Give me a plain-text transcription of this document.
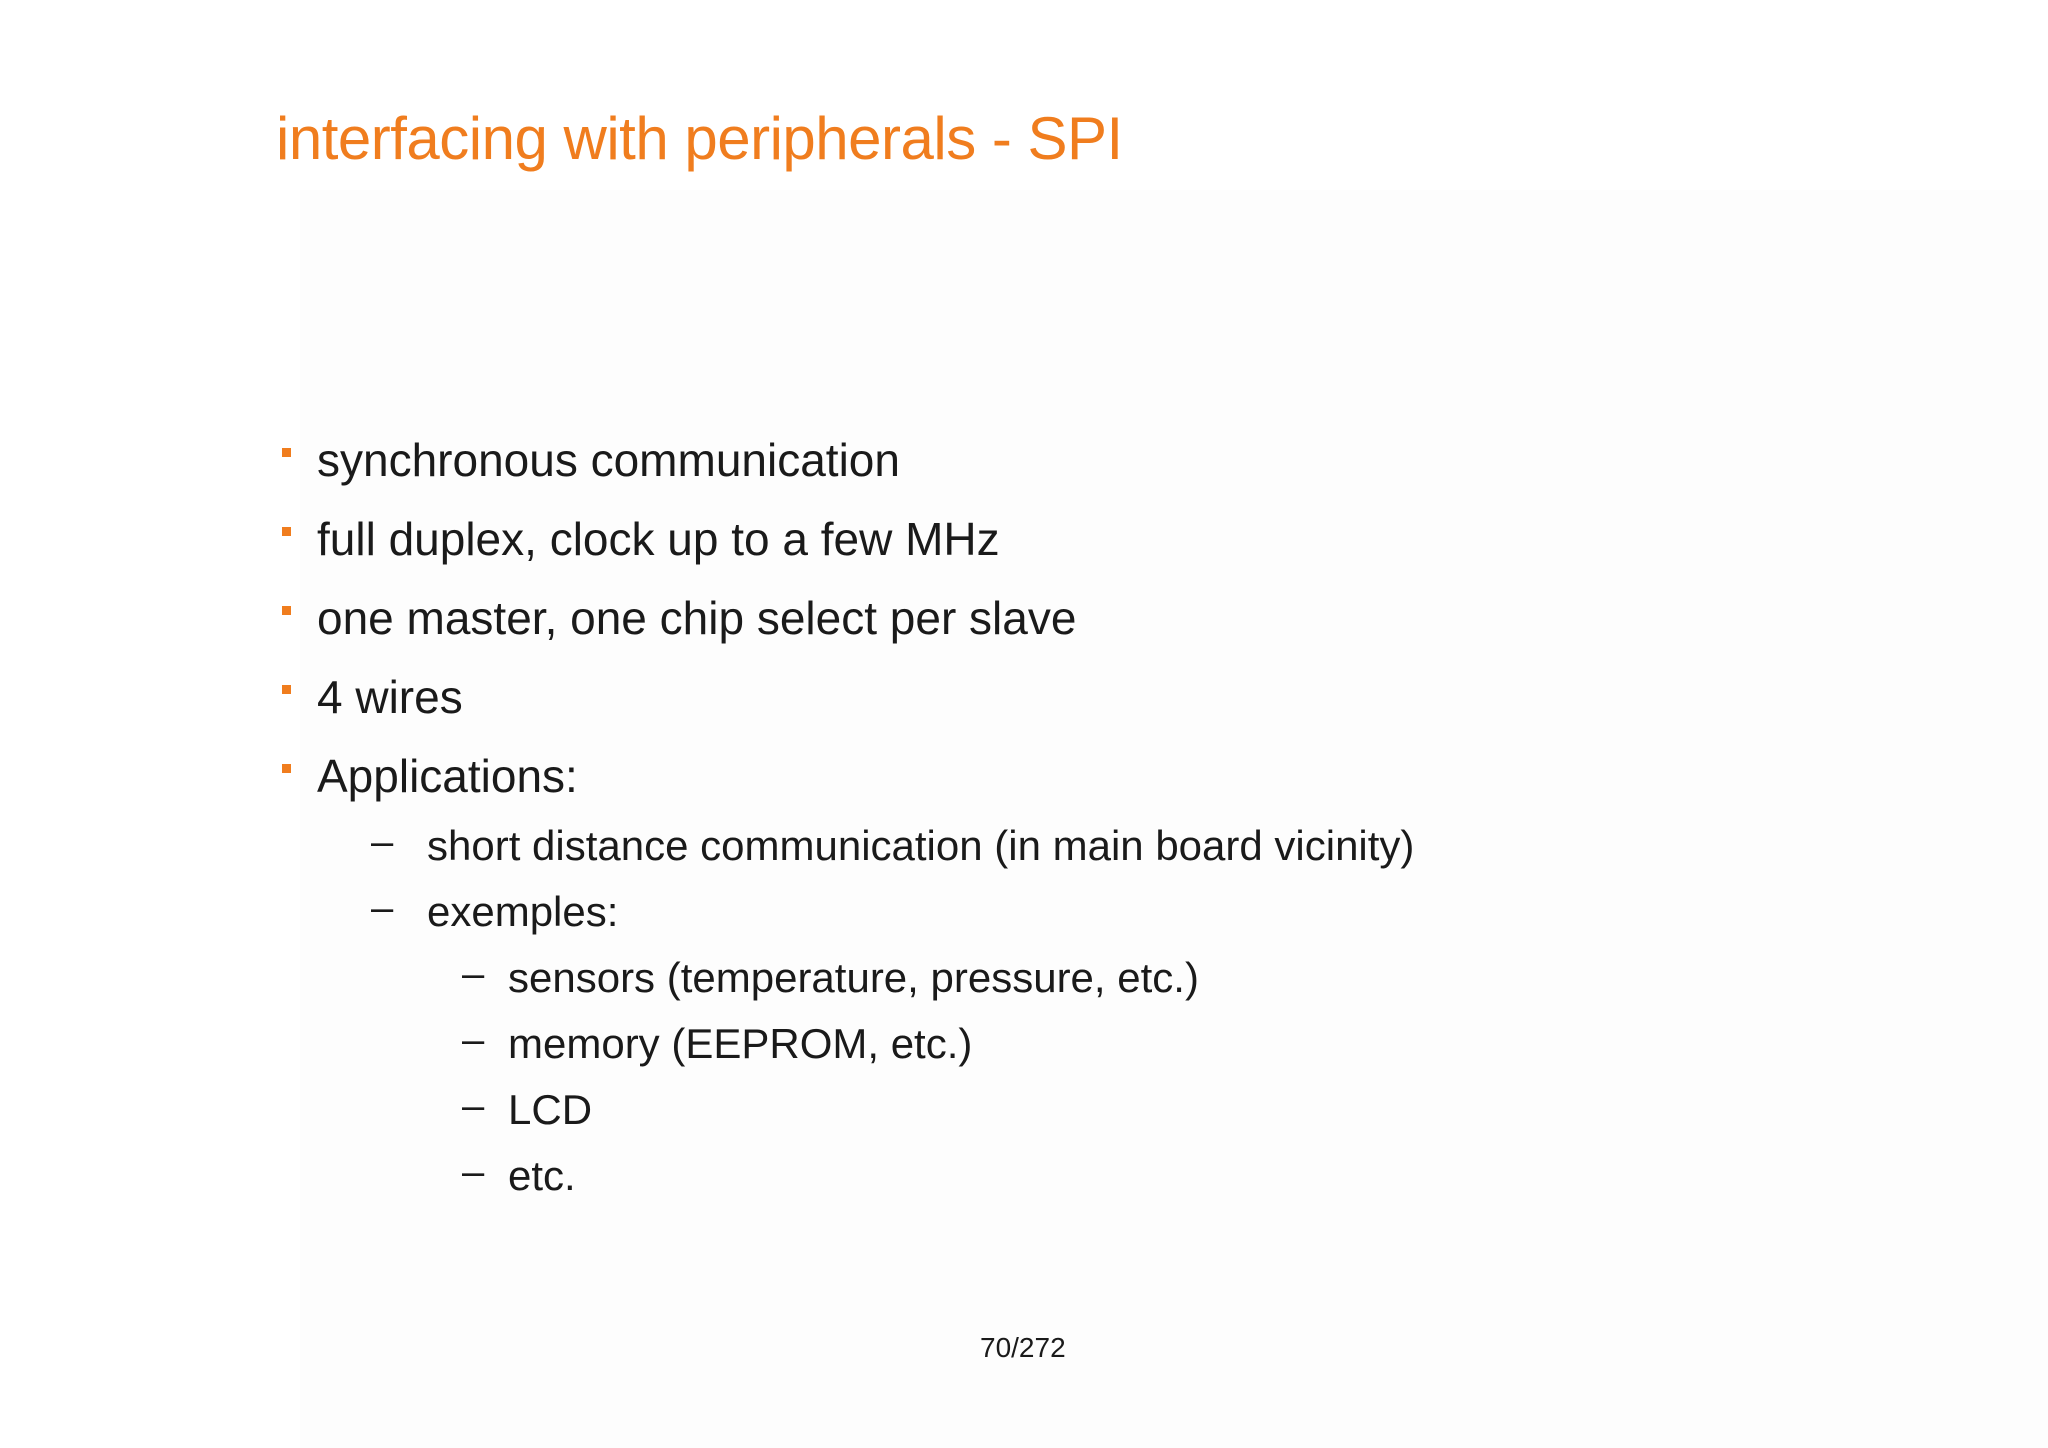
interfacing with peripherals - SPI
synchronous communication
full duplex, clock up to a few MHz
one master, one chip select per slave
4 wires
Applications:
– short distance communication (in main board vicinity)
– exemples:
– sensors (temperature, pressure, etc.)
– memory (EEPROM, etc.)
– LCD
– etc.
70/272
